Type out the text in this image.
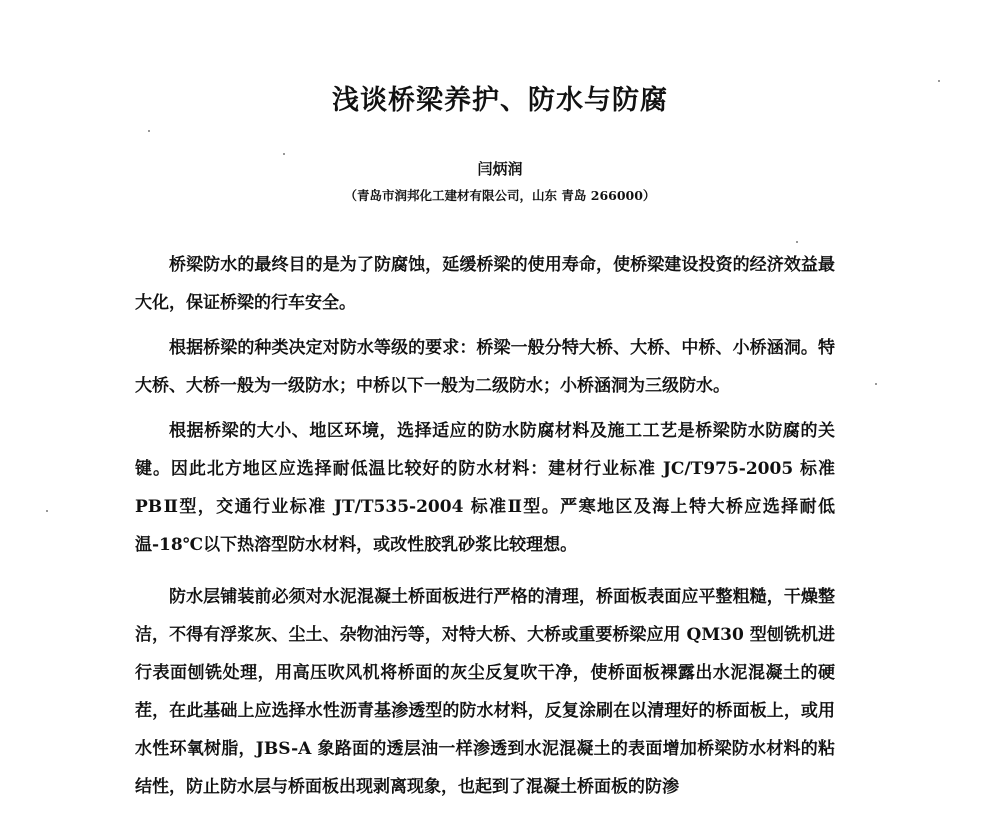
浅谈桥梁养护、防水与防腐

闫炳润

（青岛市润邦化工建材有限公司，山东 青岛 266000）

桥梁防水的最终目的是为了防腐蚀，延缓桥梁的使用寿命，使桥梁建设投资的经济效益最大化，保证桥梁的行车安全。

根据桥梁的种类决定对防水等级的要求：桥梁一般分特大桥、大桥、中桥、小桥涵洞。特大桥、大桥一般为一级防水；中桥以下一般为二级防水；小桥涵洞为三级防水。

根据桥梁的大小、地区环境，选择适应的防水防腐材料及施工工艺是桥梁防水防腐的关键。因此北方地区应选择耐低温比较好的防水材料：建材行业标准 JC/T975-2005 标准 PBⅡ型，交通行业标准 JT/T535-2004 标准Ⅱ型。严寒地区及海上特大桥应选择耐低温-18℃以下热溶型防水材料，或改性胶乳砂浆比较理想。

防水层铺装前必须对水泥混凝土桥面板进行严格的清理，桥面板表面应平整粗糙，干燥整洁，不得有浮浆灰、尘土、杂物油污等，对特大桥、大桥或重要桥梁应用 QM30 型刨铣机进行表面刨铣处理，用高压吹风机将桥面的灰尘反复吹干净，使桥面板裸露出水泥混凝土的硬茬，在此基础上应选择水性沥青基渗透型的防水材料，反复涂刷在以清理好的桥面板上，或用水性环氧树脂，JBS-A 象路面的透层油一样渗透到水泥混凝土的表面增加桥梁防水材料的粘结性，防止防水层与桥面板出现剥离现象，也起到了混凝土桥面板的防渗
